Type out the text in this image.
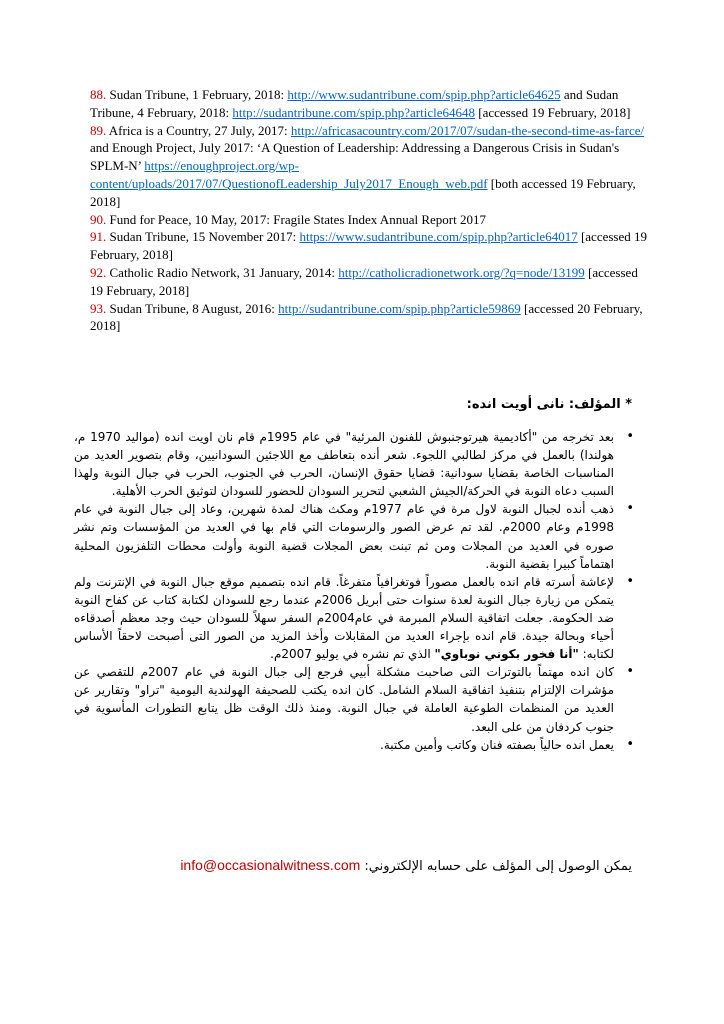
88. Sudan Tribune, 1 February, 2018: http://www.sudantribune.com/spip.php?article64625 and Sudan Tribune, 4 February, 2018: http://sudantribune.com/spip.php?article64648 [accessed 19 February, 2018]

89. Africa is a Country, 27 July, 2017: http://africasacountry.com/2017/07/sudan-the-second-time-as-farce/ and Enough Project, July 2017: ‘A Question of Leadership: Addressing a Dangerous Crisis in Sudan's SPLM-N’ https://enoughproject.org/wp-content/uploads/2017/07/QuestionofLeadership_July2017_Enough_web.pdf [both accessed 19 February, 2018]

90. Fund for Peace, 10 May, 2017: Fragile States Index Annual Report 2017

91. Sudan Tribune, 15 November 2017: https://www.sudantribune.com/spip.php?article64017 [accessed 19 February, 2018]

92. Catholic Radio Network, 31 January, 2014: http://catholicradionetwork.org/?q=node/13199 [accessed 19 February, 2018]

93. Sudan Tribune, 8 August, 2016: http://sudantribune.com/spip.php?article59869 [accessed 20 February, 2018]

* المؤلف: نانى أويت انده:
•
بعد تخرجه من "أكاديمية هيرتوجنبوش للفنون المرئية" في عام 1995م قام نان اويت انده (مواليد 1970 م، هولندا) بالعمل في مركز لطالبي اللجوء. شعر أنده بتعاطف مع اللاجئين السودانيين، وقام بتصوير العديد من المناسبات الخاصة بقضايا سودانية: قضايا حقوق الإنسان، الحرب في الجنوب، الحرب في جبال النوبة ولهذا السبب دعاه النوبة في الحركة/الجيش الشعبي لتحرير السودان للحضور للسودان لتوثيق الحرب الأهلية.
•
ذهب أنده لجبال النوبة لاول مرة في عام 1977م ومكث هناك لمدة شهرين، وعاد إلى جبال النوبة في عام 1998م وعام 2000م. لقد تم عرض الصور والرسومات التي قام بها في العديد من المؤسسات وتم نشر صوره في العديد من المجلات ومن ثم تبنت بعض المجلات قضية النوبة وأولت محطات التلفزيون المحلية اهتماماً كبيرا بقضية النوبة.
•
لإعاشة أسرته قام انده بالعمل مصوراً فوتغرافياً متفرغاً. قام انده بتصميم موقع جبال النوبة في الإنترنت ولم يتمكن من زيارة جبال النوبة لعدة سنوات حتى أبريل 2006م عندما رجع للسودان لكتابة كتاب عن كفاح النوبة ضد الحكومة. جعلت اتفاقية السلام المبرمة في عام2004م السفر سهلاً للسودان حيث وجد معظم أصدقاءه أحياء وبحالة جيدة. قام انده بإجراء العديد من المقابلات وأخذ المزيد من الصور التى أصبحت لاحقاً الأساس لكتابه: "أنا فخور بكوني نوباوي" الذي تم نشره في يوليو 2007م.
•
كان انده مهتماً بالتوترات التى صاحبت مشكلة أبيي فرجع إلى جبال النوبة في عام 2007م للتقصي عن مؤشرات الإلتزام بتنفيذ اتفاقية السلام الشامل. كان انده يكتب للصحيفة الهولندية اليومية "تراو" وتقارير عن العديد من المنظمات الطوعية العاملة في جبال النوبة. ومنذ ذلك الوقت ظل يتابع التطورات المأسوية في جنوب كردفان من على البعد.
•
يعمل انده حالياً بصفته فنان وكاتب وأمين مكتبة.
يمكن الوصول إلى المؤلف على حسابه الإلكتروني: info@occasionalwitness.com
